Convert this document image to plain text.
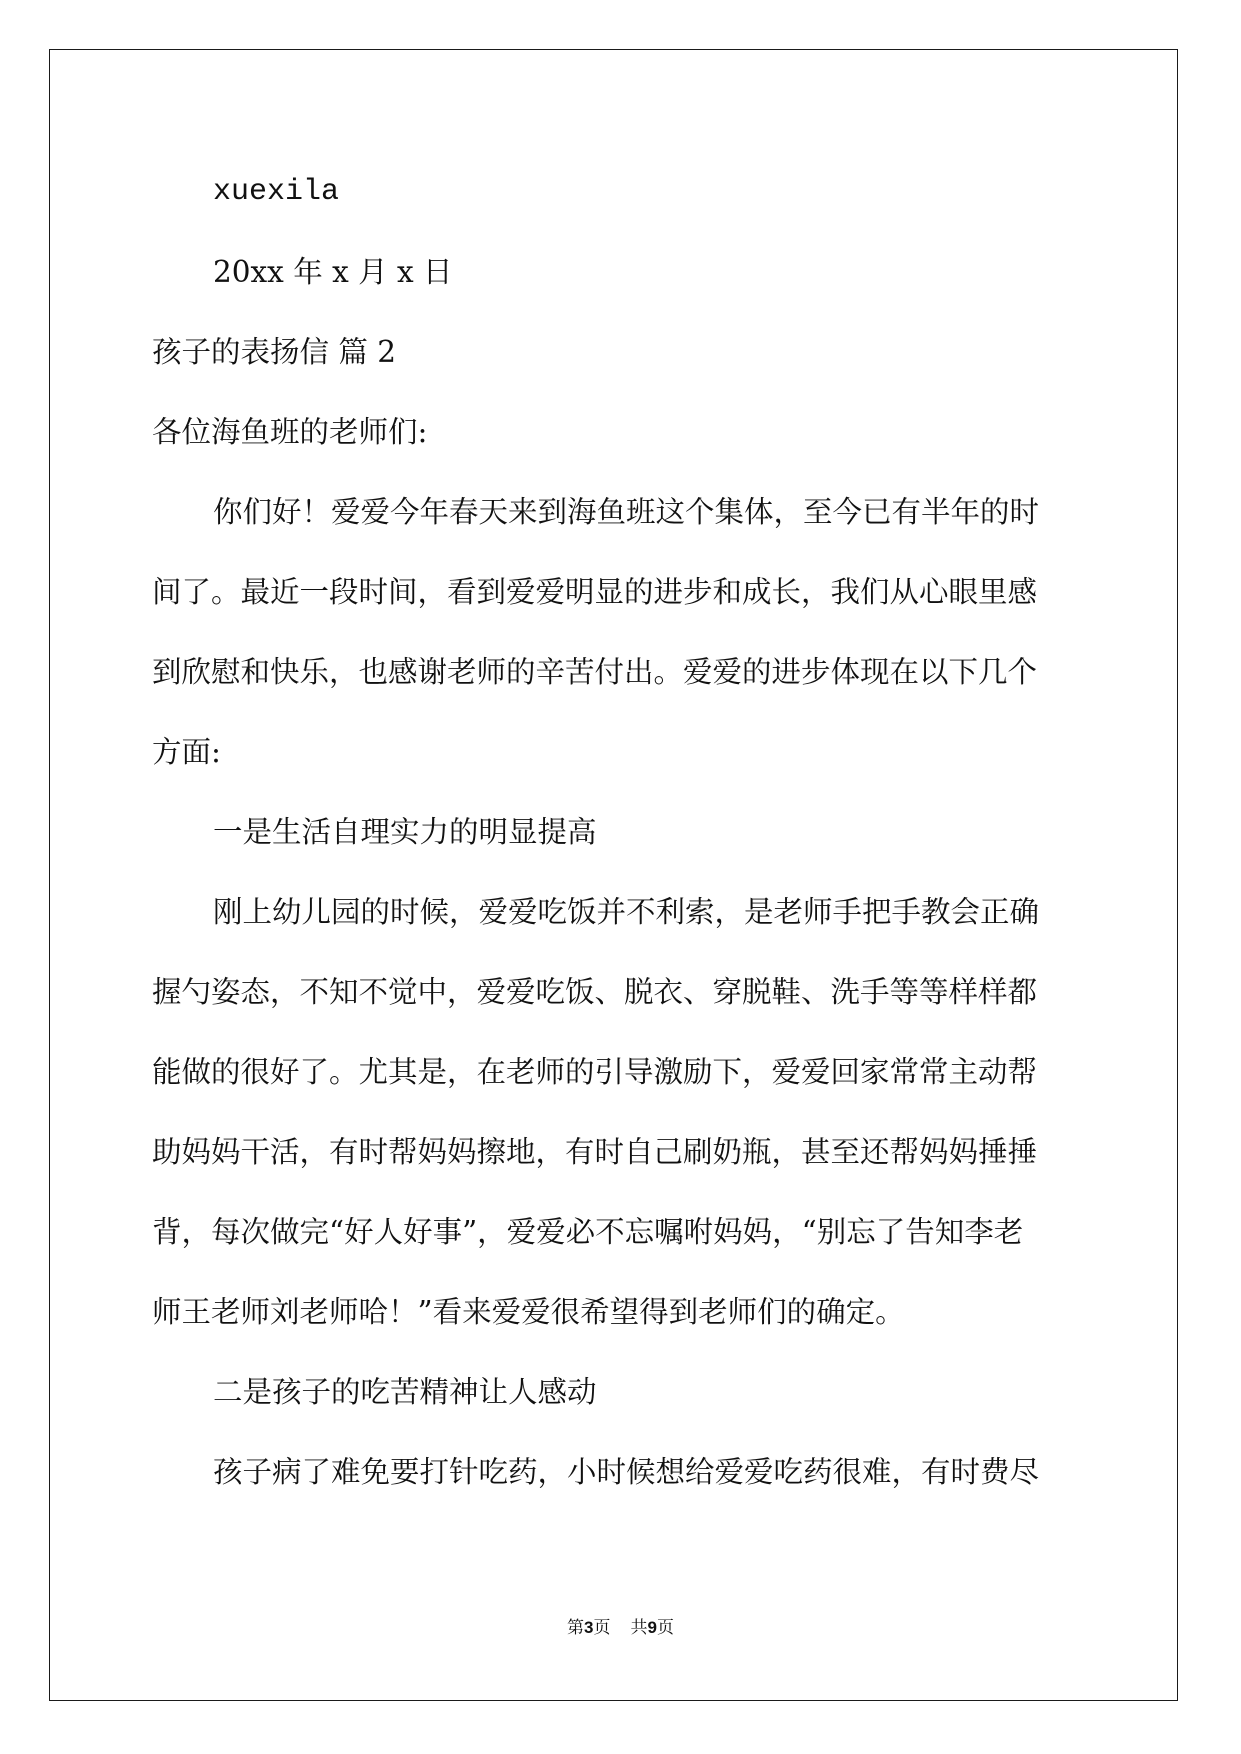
xuexila
20xx 年 x 月 x 日
孩子的表扬信 篇 2
各位海鱼班的老师们:
你们好！爱爱今年春天来到海鱼班这个集体，至今已有半年的时
间了。最近一段时间，看到爱爱明显的进步和成长，我们从心眼里感
到欣慰和快乐，也感谢老师的辛苦付出。爱爱的进步体现在以下几个
方面:
一是生活自理实力的明显提高
刚上幼儿园的时候，爱爱吃饭并不利索，是老师手把手教会正确
握勺姿态，不知不觉中，爱爱吃饭、脱衣、穿脱鞋、洗手等等样样都
能做的很好了。尤其是，在老师的引导激励下，爱爱回家常常主动帮
助妈妈干活，有时帮妈妈擦地，有时自己刷奶瓶，甚至还帮妈妈捶捶
背，每次做完“好人好事”，爱爱必不忘嘱咐妈妈，“别忘了告知李老
师王老师刘老师哈！”看来爱爱很希望得到老师们的确定。
二是孩子的吃苦精神让人感动
孩子病了难免要打针吃药，小时候想给爱爱吃药很难，有时费尽
第3页 共9页
